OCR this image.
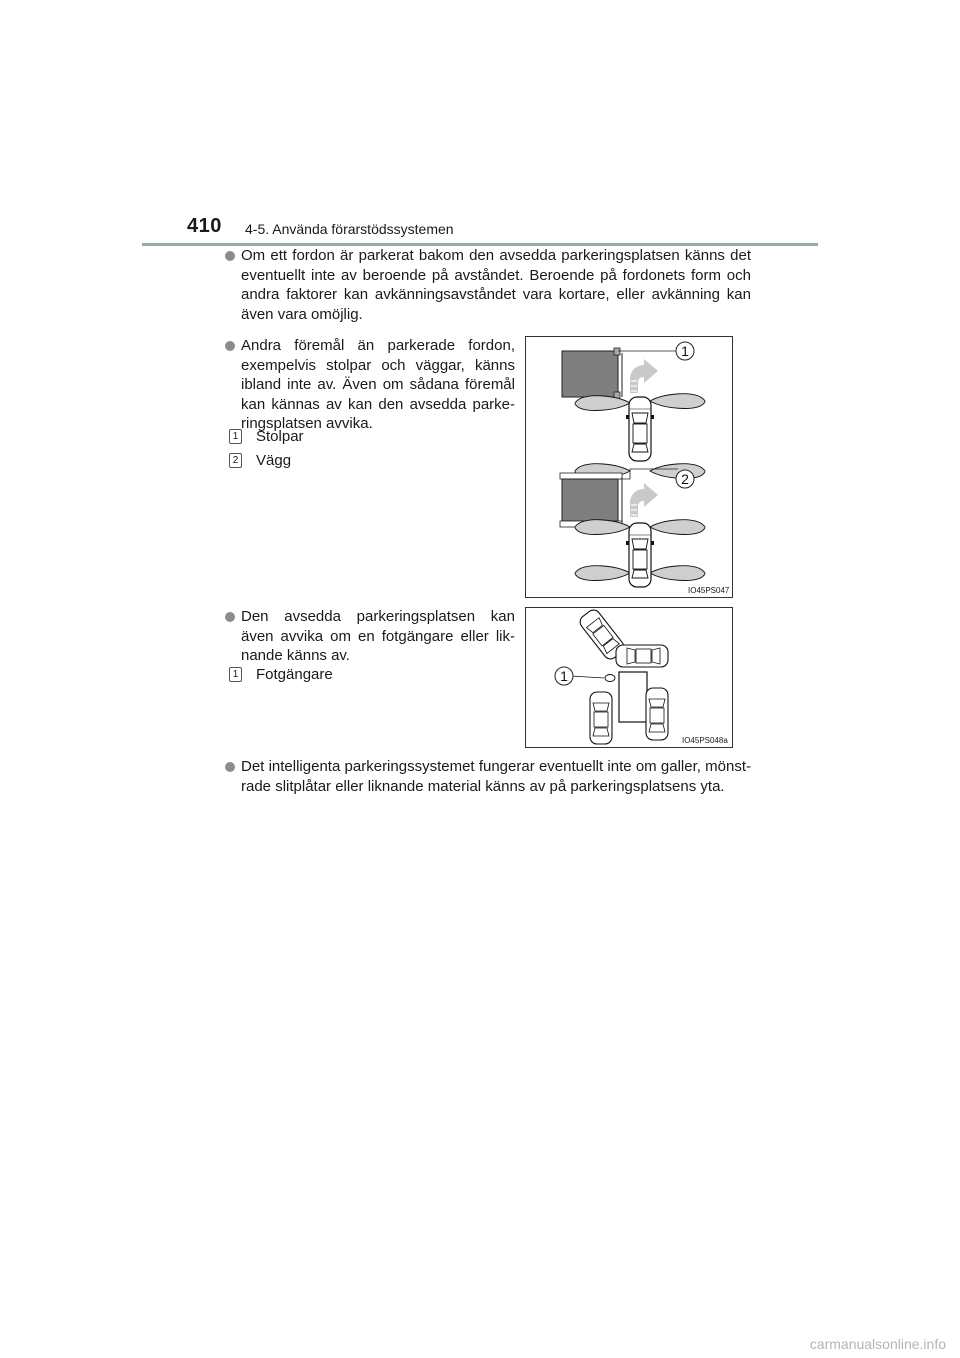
410 4-5. Använda förarstödssystemen
Om ett fordon är parkerat bakom den avsedda parkeringsplatsen känns det eventuellt inte av beroende på avståndet. Beroende på fordonets form och andra faktorer kan avkänningsavståndet vara kortare, eller avkänning kan även vara omöjlig.
Andra föremål än parkerade fordon, exempelvis stolpar och väggar, känns ibland inte av. Även om sådana föremål kan kännas av kan den avsedda parke-ringsplatsen avvika.
1 Stolpar
2 Vägg
1
2
IO45PS047
Den avsedda parkeringsplatsen kan även avvika om en fotgängare eller lik-nande känns av.
1 Fotgängare	1
IO45PS048a
Det intelligenta parkeringssystemet fungerar eventuellt inte om galler, mönst-rade slitplåtar eller liknande material känns av på parkeringsplatsens yta.
carmanualsonline.info
